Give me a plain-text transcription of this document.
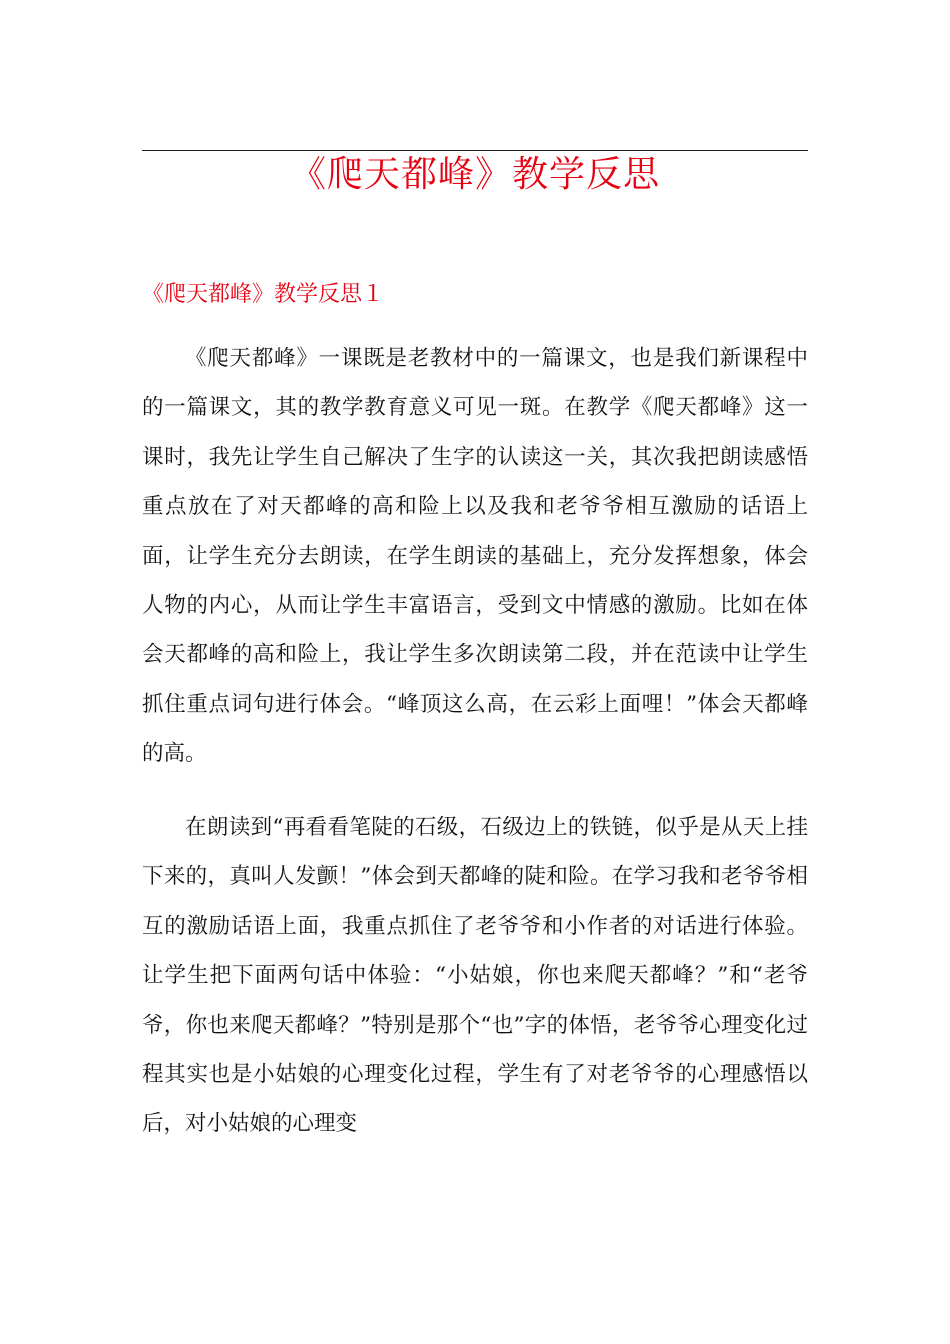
《爬天都峰》教学反思
《爬天都峰》教学反思１

《爬天都峰》一课既是老教材中的一篇课文，也是我们新课程中的一篇课文，其的教学教育意义可见一斑。在教学《爬天都峰》这一课时，我先让学生自己解决了生字的认读这一关，其次我把朗读感悟重点放在了对天都峰的高和险上以及我和老爷爷相互激励的话语上面，让学生充分去朗读，在学生朗读的基础上，充分发挥想象，体会人物的内心，从而让学生丰富语言，受到文中情感的激励。比如在体会天都峰的高和险上，我让学生多次朗读第二段，并在范读中让学生抓住重点词句进行体会。“峰顶这么高，在云彩上面哩！”体会天都峰的高。

在朗读到“再看看笔陡的石级，石级边上的铁链，似乎是从天上挂下来的，真叫人发颤！”体会到天都峰的陡和险。在学习我和老爷爷相互的激励话语上面，我重点抓住了老爷爷和小作者的对话进行体验。让学生把下面两句话中体验：“小姑娘，你也来爬天都峰？”和“老爷爷，你也来爬天都峰？”特别是那个“也”字的体悟，老爷爷心理变化过程其实也是小姑娘的心理变化过程，学生有了对老爷爷的心理感悟以后，对小姑娘的心理变
